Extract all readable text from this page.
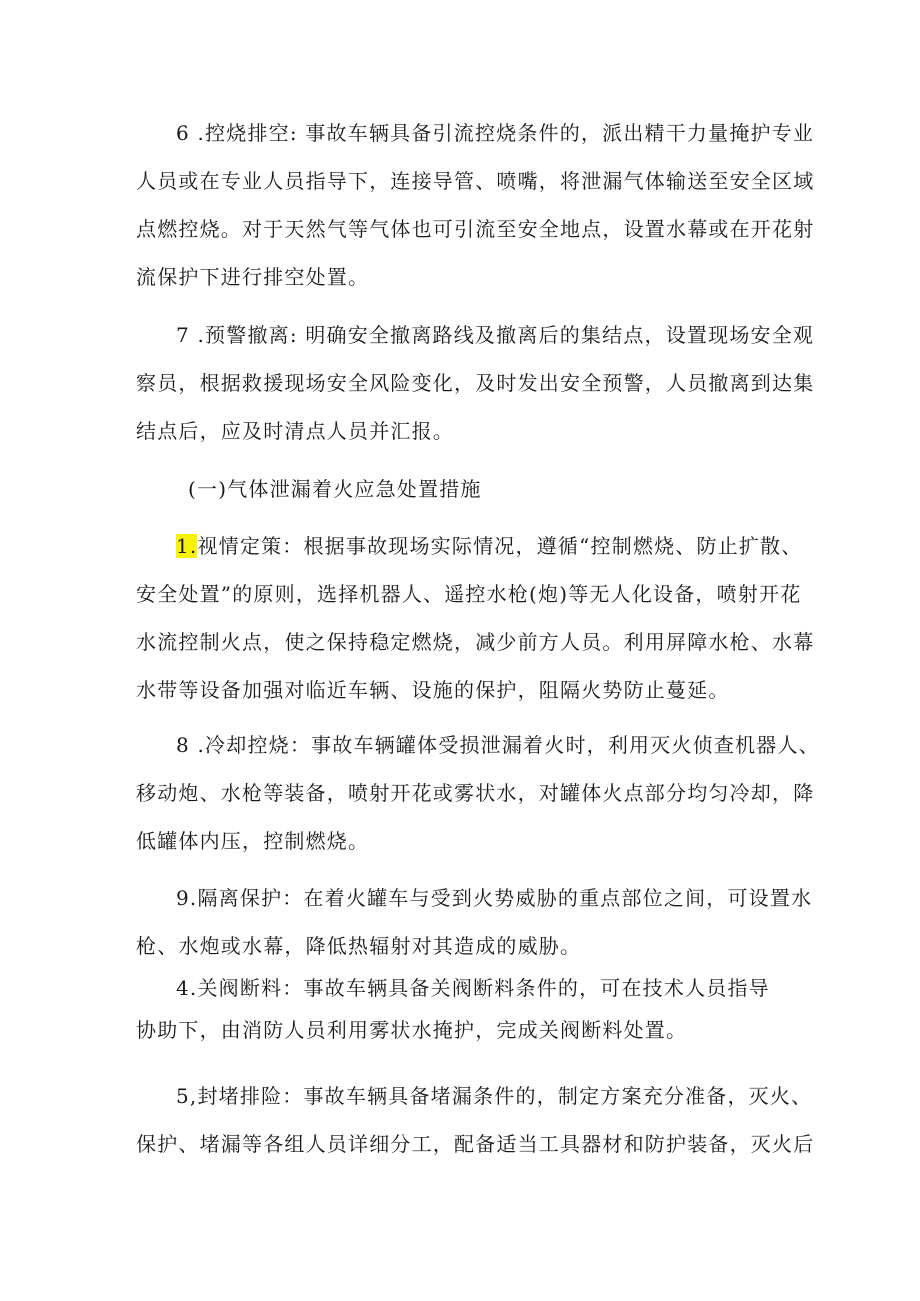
6 .控烧排空: 事故车辆具备引流控烧条件的，派出精干力量掩护专业
人员或在专业人员指导下，连接导管、喷嘴，将泄漏气体输送至安全区域
点燃控烧。对于天然气等气体也可引流至安全地点，设置水幕或在开花射
流保护下进行排空处置。
7 .预警撤离: 明确安全撤离路线及撤离后的集结点，设置现场安全观
察员，根据救援现场安全风险变化，及时发出安全预警，人员撤离到达集
结点后，应及时清点人员并汇报。
(一)气体泄漏着火应急处置措施
1.视情定策：根据事故现场实际情况，遵循“控制燃烧、防止扩散、
安全处置”的原则，选择机器人、遥控水枪(炮)等无人化设备，喷射开花
水流控制火点，使之保持稳定燃烧，减少前方人员。利用屏障水枪、水幕
水带等设备加强对临近车辆、设施的保护，阻隔火势防止蔓延。
8 .冷却控烧：事故车辆罐体受损泄漏着火时，利用灭火侦查机器人、
移动炮、水枪等装备，喷射开花或雾状水，对罐体火点部分均匀冷却，降
低罐体内压，控制燃烧。
9.隔离保护：在着火罐车与受到火势威胁的重点部位之间，可设置水
枪、水炮或水幕，降低热辐射对其造成的威胁。
4.关阀断料：事故车辆具备关阀断料条件的，可在技术人员指导
协助下，由消防人员利用雾状水掩护，完成关阀断料处置。
5,封堵排险：事故车辆具备堵漏条件的，制定方案充分准备，灭火、
保护、堵漏等各组人员详细分工，配备适当工具器材和防护装备，灭火后
